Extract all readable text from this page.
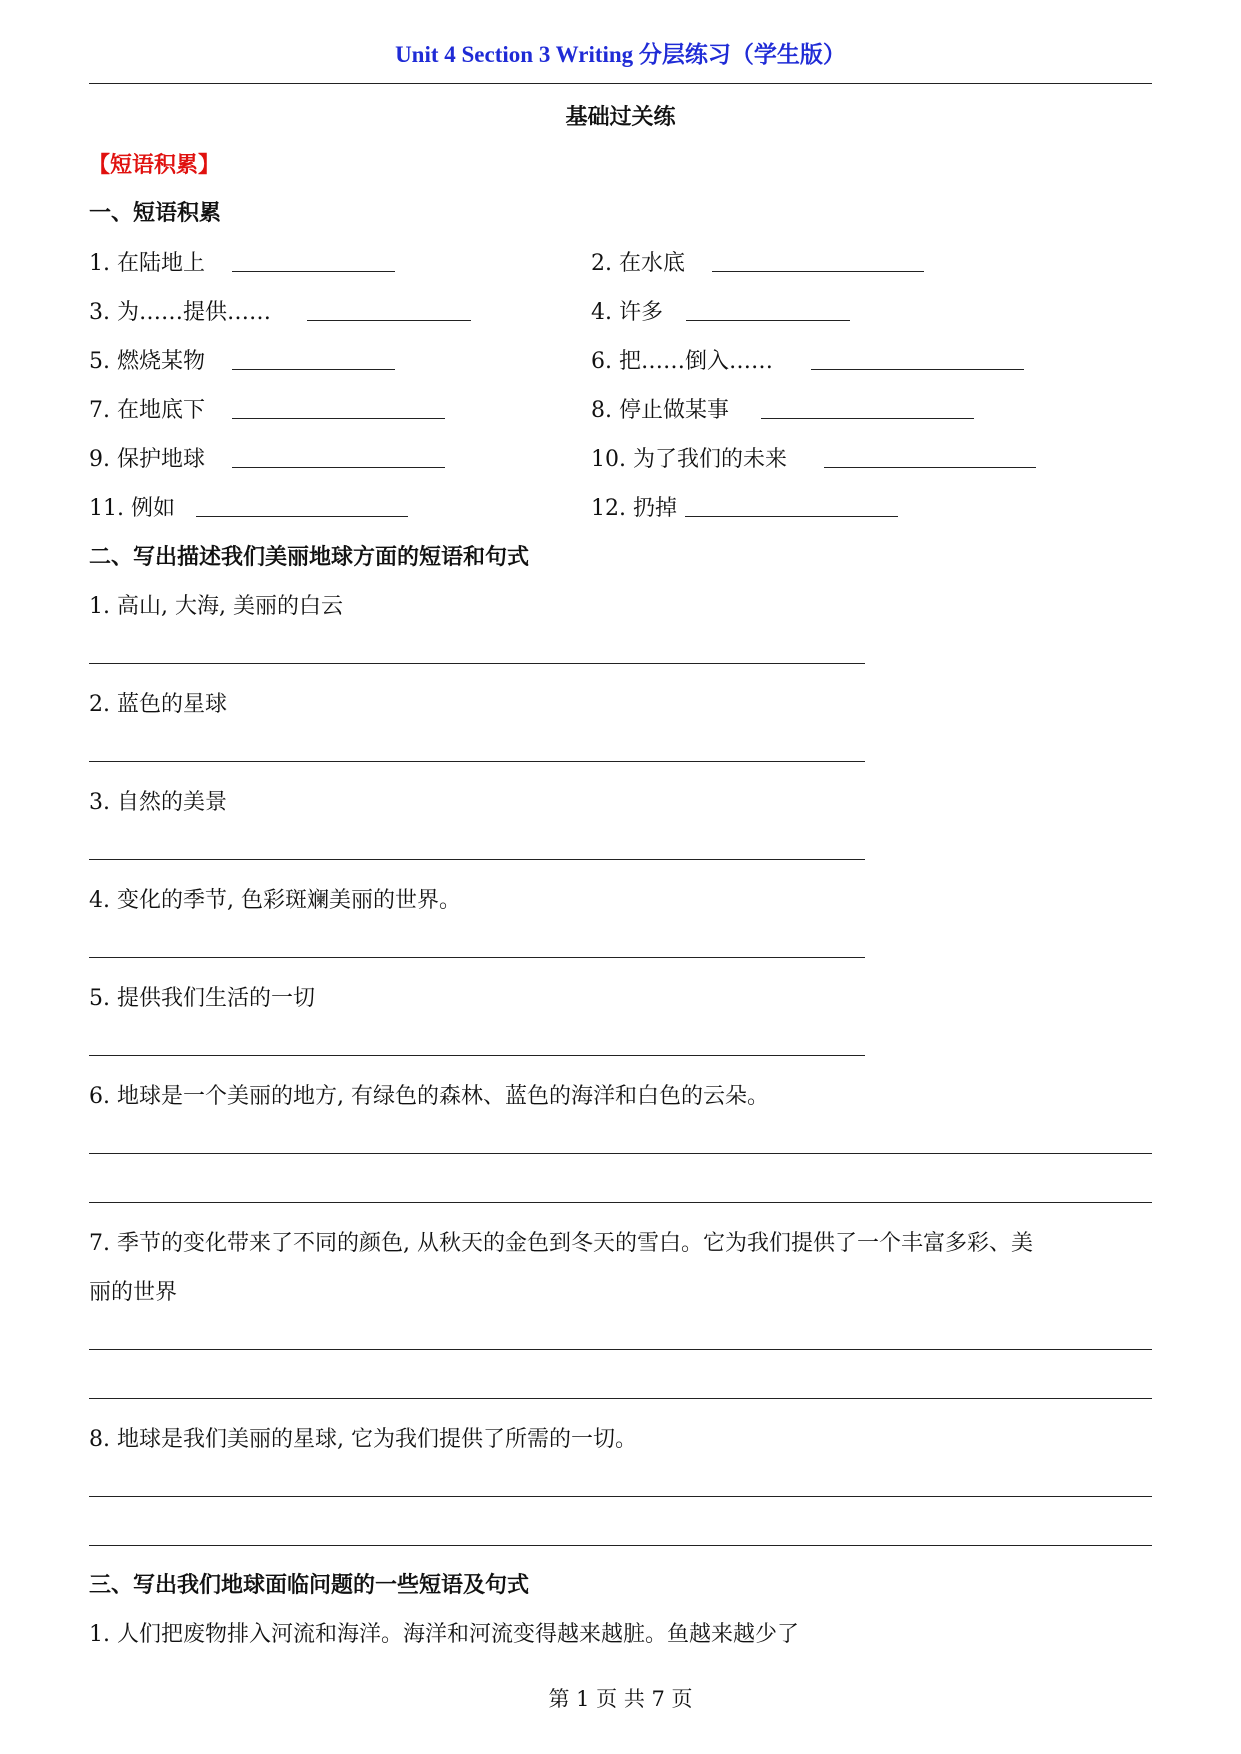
Unit 4 Section 3 Writing 分层练习（学生版）
基础过关练
【短语积累】
一、短语积累
1. 在陆地上	2. 在水底
3. 为……提供……	4. 许多
5. 燃烧某物	6. 把……倒入……
7. 在地底下	8. 停止做某事
9. 保护地球	10. 为了我们的未来
11. 例如	12. 扔掉
二、写出描述我们美丽地球方面的短语和句式
1. 高山, 大海, 美丽的白云
2. 蓝色的星球
3. 自然的美景
4. 变化的季节, 色彩斑斓美丽的世界。
5. 提供我们生活的一切
6. 地球是一个美丽的地方, 有绿色的森林、蓝色的海洋和白色的云朵。
7. 季节的变化带来了不同的颜色, 从秋天的金色到冬天的雪白。它为我们提供了一个丰富多彩、美
丽的世界
8. 地球是我们美丽的星球, 它为我们提供了所需的一切。
三、写出我们地球面临问题的一些短语及句式
1. 人们把废物排入河流和海洋。海洋和河流变得越来越脏。鱼越来越少了
第 1 页 共 7 页
